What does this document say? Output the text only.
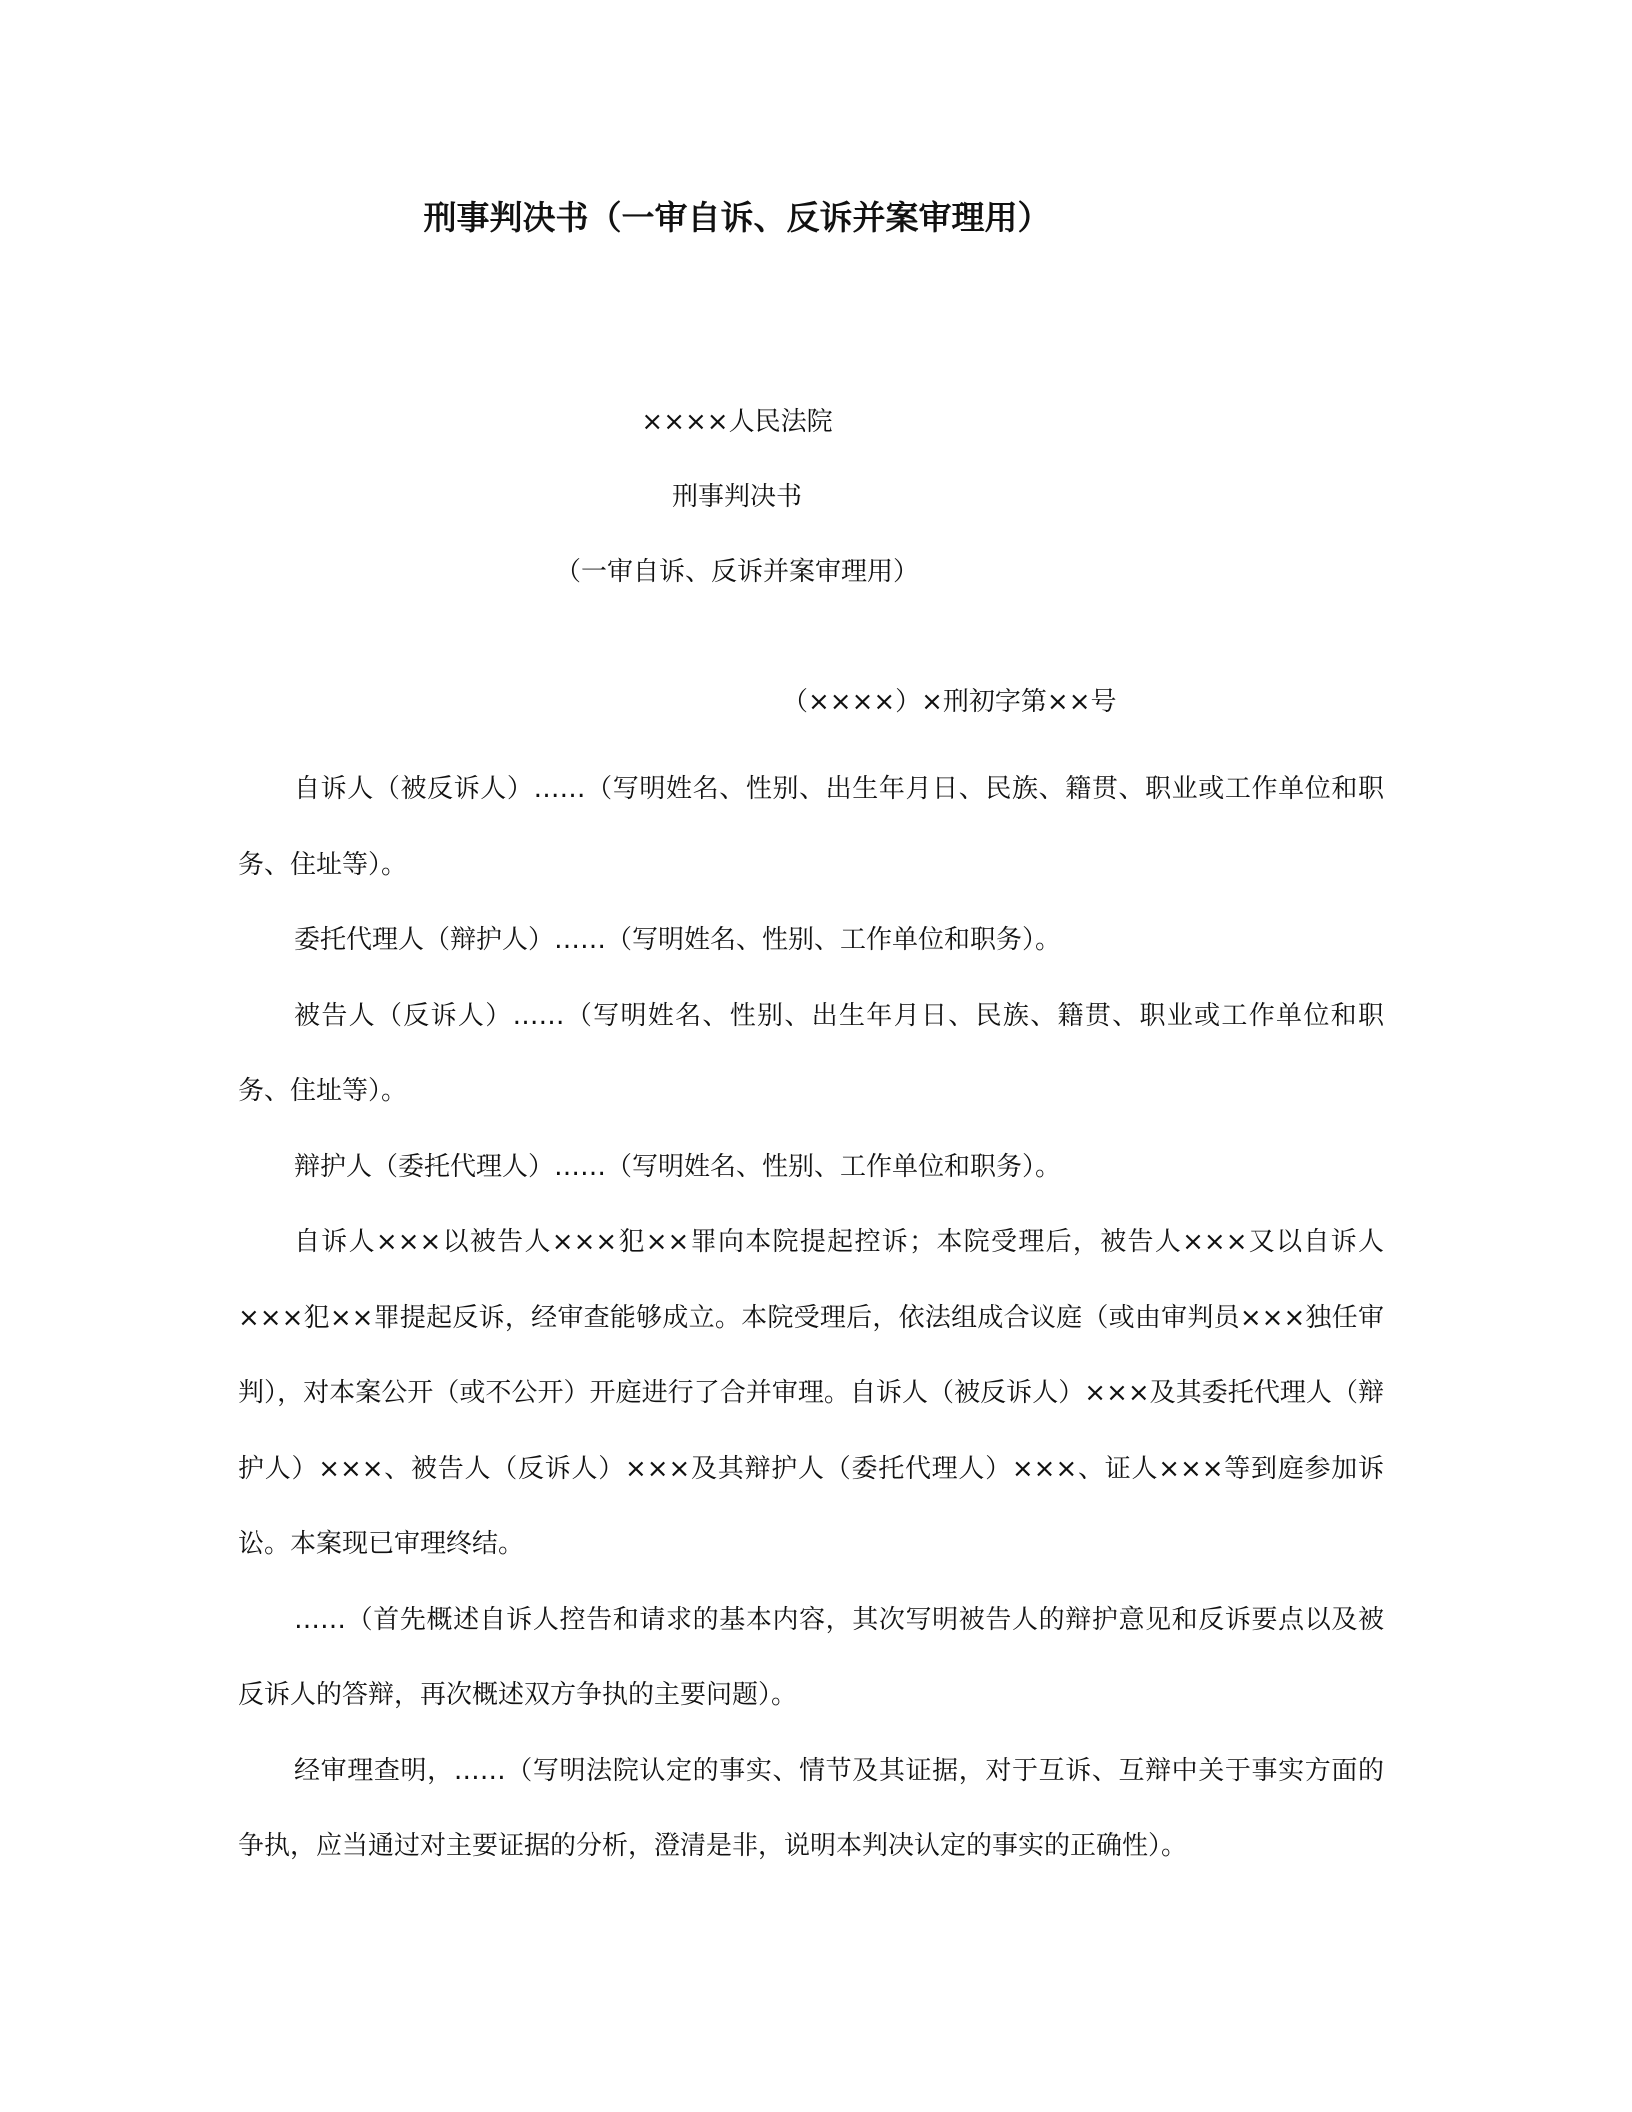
刑事判决书（一审自诉、反诉并案审理用）
××××人民法院
刑事判决书
（一审自诉、反诉并案审理用）
（××××）×刑初字第××号

自诉人（被反诉人）……（写明姓名、性别、出生年月日、民族、籍贯、职业或工作单位和职务、住址等）。

委托代理人（辩护人）……（写明姓名、性别、工作单位和职务）。

被告人（反诉人）……（写明姓名、性别、出生年月日、民族、籍贯、职业或工作单位和职务、住址等）。

辩护人（委托代理人）……（写明姓名、性别、工作单位和职务）。

自诉人×××以被告人×××犯××罪向本院提起控诉；本院受理后，被告人×××又以自诉人×××犯××罪提起反诉，经审查能够成立。本院受理后，依法组成合议庭（或由审判员×××独任审判），对本案公开（或不公开）开庭进行了合并审理。自诉人（被反诉人）×××及其委托代理人（辩护人）×××、被告人（反诉人）×××及其辩护人（委托代理人）×××、证人×××等到庭参加诉讼。本案现已审理终结。

……（首先概述自诉人控告和请求的基本内容，其次写明被告人的辩护意见和反诉要点以及被反诉人的答辩，再次概述双方争执的主要问题）。

经审理查明，……（写明法院认定的事实、情节及其证据，对于互诉、互辩中关于事实方面的争执，应当通过对主要证据的分析，澄清是非，说明本判决认定的事实的正确性）。
